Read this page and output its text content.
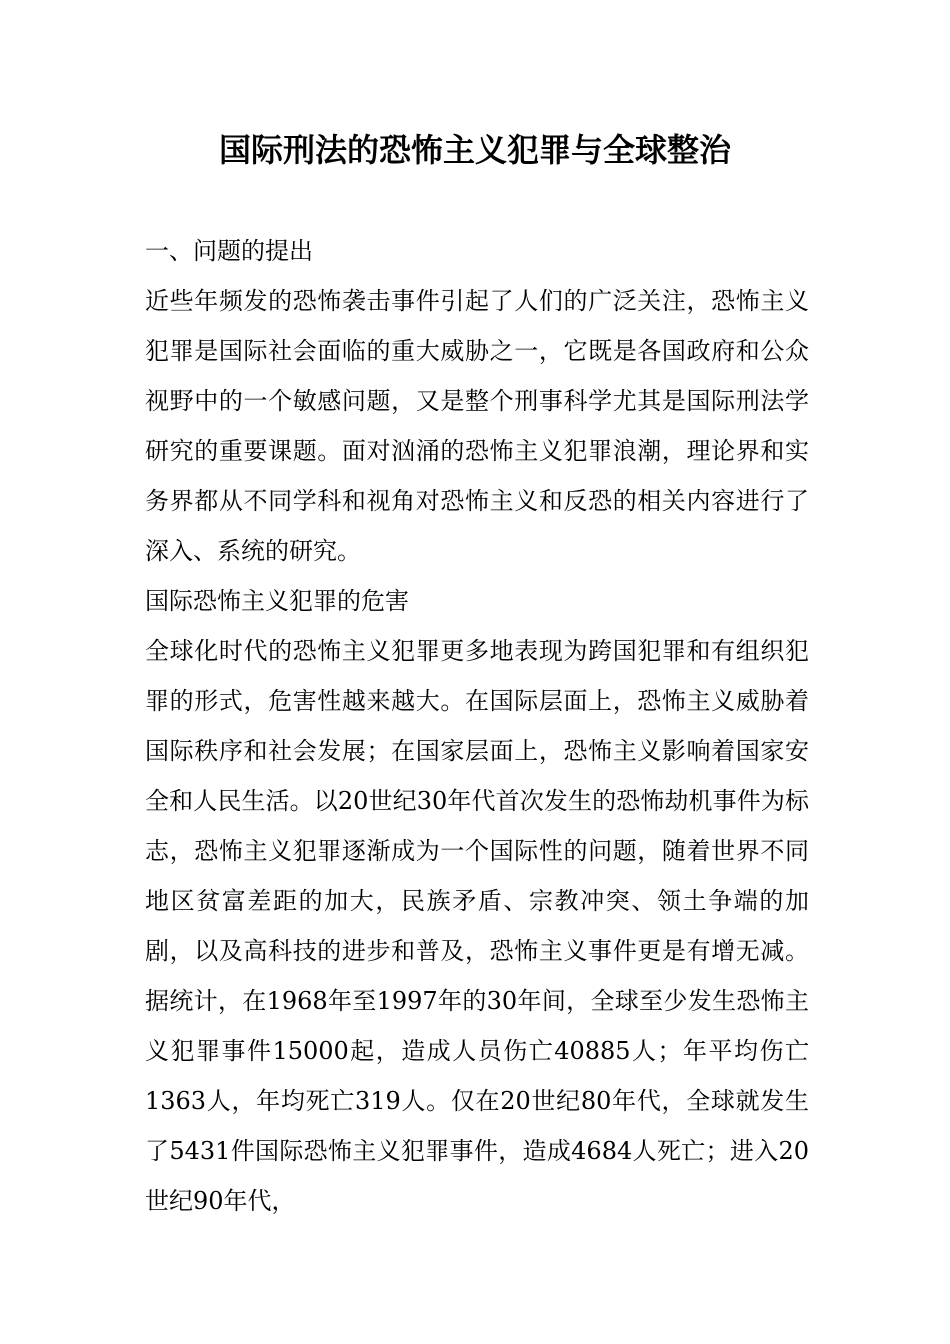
国际刑法的恐怖主义犯罪与全球整治

一、问题的提出

近些年频发的恐怖袭击事件引起了人们的广泛关注，恐怖主义犯罪是国际社会面临的重大威胁之一，它既是各国政府和公众视野中的一个敏感问题，又是整个刑事科学尤其是国际刑法学研究的重要课题。面对汹涌的恐怖主义犯罪浪潮，理论界和实务界都从不同学科和视角对恐怖主义和反恐的相关内容进行了深入、系统的研究。

国际恐怖主义犯罪的危害

全球化时代的恐怖主义犯罪更多地表现为跨国犯罪和有组织犯罪的形式，危害性越来越大。在国际层面上，恐怖主义威胁着国际秩序和社会发展；在国家层面上，恐怖主义影响着国家安全和人民生活。以20世纪30年代首次发生的恐怖劫机事件为标志，恐怖主义犯罪逐渐成为一个国际性的问题，随着世界不同地区贫富差距的加大，民族矛盾、宗教冲突、领土争端的加剧，以及高科技的进步和普及，恐怖主义事件更是有增无减。据统计，在1968年至1997年的30年间，全球至少发生恐怖主义犯罪事件15000起，造成人员伤亡40885人；年平均伤亡1363人，年均死亡319人。仅在20世纪80年代，全球就发生了5431件国际恐怖主义犯罪事件，造成4684人死亡；进入20世纪90年代，
